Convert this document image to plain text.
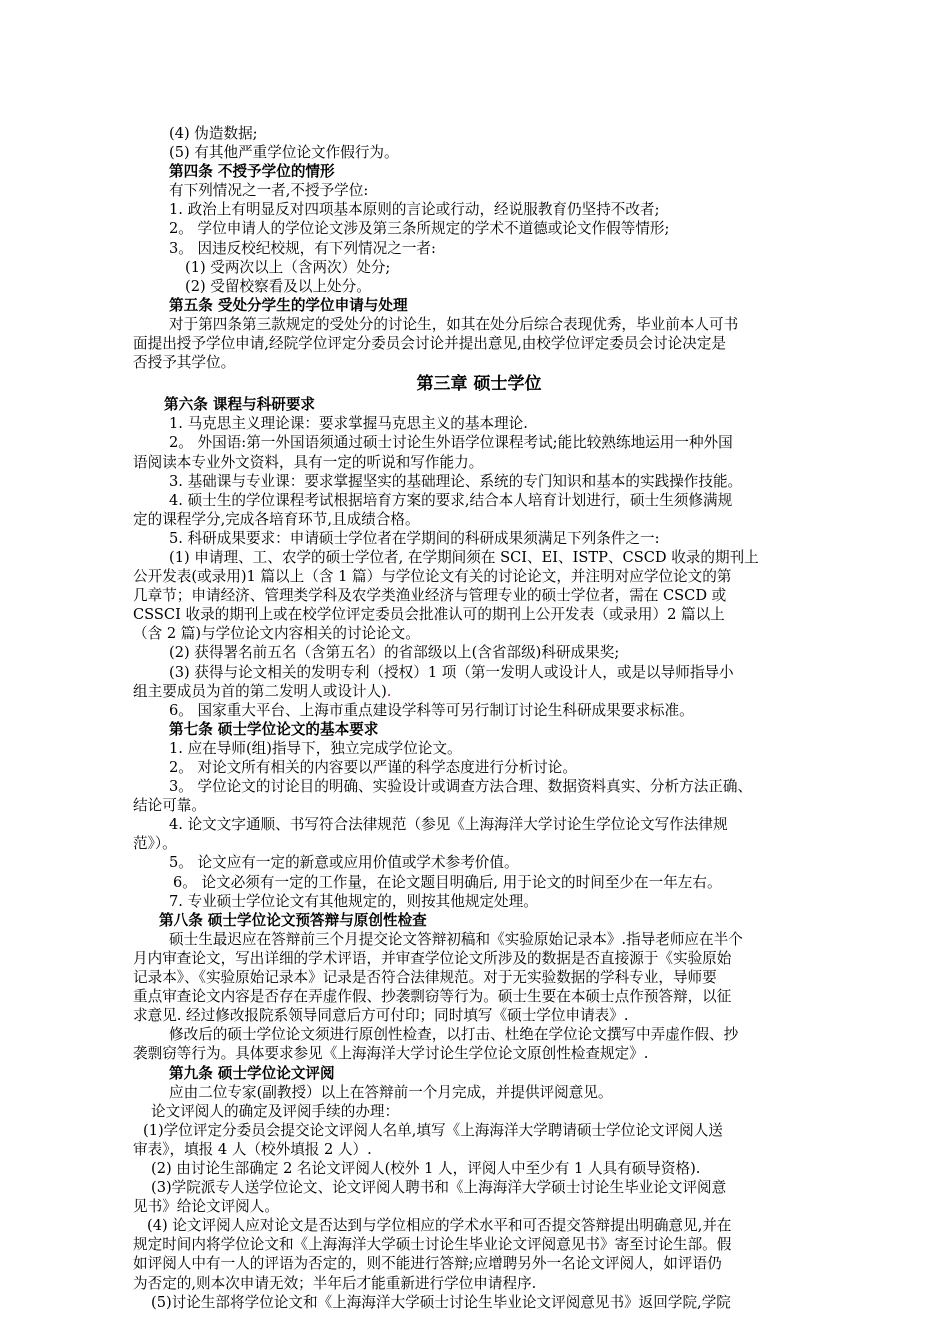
(4) 伪造数据;
(5) 有其他严重学位论文作假行为。
第四条 不授予学位的情形
有下列情况之一者,不授予学位:
1. 政治上有明显反对四项基本原则的言论或行动，经说服教育仍坚持不改者;
2。 学位申请人的学位论文涉及第三条所规定的学术不道德或论文作假等情形;
3。 因违反校纪校规，有下列情况之一者:
(1) 受两次以上（含两次）处分;
(2) 受留校察看及以上处分。
第五条 受处分学生的学位申请与处理
对于第四条第三款规定的受处分的讨论生，如其在处分后综合表现优秀，毕业前本人可书
面提出授予学位申请,经院学位评定分委员会讨论并提出意见,由校学位评定委员会讨论决定是
否授予其学位。
第三章 硕士学位
第六条 课程与科研要求
1. 马克思主义理论课：要求掌握马克思主义的基本理论.
2。 外国语:第一外国语须通过硕士讨论生外语学位课程考试;能比较熟练地运用一种外国
语阅读本专业外文资料，具有一定的听说和写作能力。
3. 基础课与专业课：要求掌握坚实的基础理论、系统的专门知识和基本的实践操作技能。
4. 硕士生的学位课程考试根据培育方案的要求,结合本人培育计划进行，硕士生须修满规
定的课程学分,完成各培育环节,且成绩合格。
5. 科研成果要求：申请硕士学位者在学期间的科研成果须满足下列条件之一:
(1) 申请理、工、农学的硕士学位者, 在学期间须在 SCI、EI、ISTP、CSCD 收录的期刊上
公开发表(或录用)1 篇以上（含 1 篇）与学位论文有关的讨论论文，并注明对应学位论文的第
几章节；申请经济、管理类学科及农学类渔业经济与管理专业的硕士学位者，需在 CSCD 或
CSSCI 收录的期刊上或在校学位评定委员会批准认可的期刊上公开发表（或录用）2 篇以上
（含 2 篇)与学位论文内容相关的讨论论文。
(2) 获得署名前五名（含第五名）的省部级以上(含省部级)科研成果奖;
(3) 获得与论文相关的发明专利（授权）1 项（第一发明人或设计人，或是以导师指导小
组主要成员为首的第二发明人或设计人).
6。 国家重大平台、上海市重点建设学科等可另行制订讨论生科研成果要求标准。
第七条 硕士学位论文的基本要求
1. 应在导师(组)指导下，独立完成学位论文。
2。 对论文所有相关的内容要以严谨的科学态度进行分析讨论。
3。 学位论文的讨论目的明确、实验设计或调查方法合理、数据资料真实、分析方法正确、
结论可靠。
4. 论文文字通顺、书写符合法律规范（参见《上海海洋大学讨论生学位论文写作法律规
范》）。
5。 论文应有一定的新意或应用价值或学术参考价值。
6。 论文必须有一定的工作量，在论文题目明确后, 用于论文的时间至少在一年左右。
7. 专业硕士学位论文有其他规定的，则按其他规定处理。
第八条 硕士学位论文预答辩与原创性检查
硕士生最迟应在答辩前三个月提交论文答辩初稿和《实验原始记录本》.指导老师应在半个
月内审查论文，写出详细的学术评语，并审查学位论文所涉及的数据是否直接源于《实验原始
记录本》、《实验原始记录本》记录是否符合法律规范。对于无实验数据的学科专业，导师要
重点审查论文内容是否存在弄虚作假、抄袭剽窃等行为。硕士生要在本硕士点作预答辩，以征
求意见. 经过修改报院系领导同意后方可付印；同时填写《硕士学位申请表》.
修改后的硕士学位论文须进行原创性检查，以打击、杜绝在学位论文撰写中弄虚作假、抄
袭剽窃等行为。具体要求参见《上海海洋大学讨论生学位论文原创性检查规定》.
第九条 硕士学位论文评阅
应由二位专家(副教授）以上在答辩前一个月完成，并提供评阅意见。
论文评阅人的确定及评阅手续的办理：
(1)学位评定分委员会提交论文评阅人名单,填写《上海海洋大学聘请硕士学位论文评阅人送
审表》，填报 4 人（校外填报 2 人）.
(2) 由讨论生部确定 2 名论文评阅人(校外 1 人，评阅人中至少有 1 人具有硕导资格).
(3)学院派专人送学位论文、论文评阅人聘书和《上海海洋大学硕士讨论生毕业论文评阅意
见书》给论文评阅人。
(4) 论文评阅人应对论文是否达到与学位相应的学术水平和可否提交答辩提出明确意见,并在
规定时间内将学位论文和《上海海洋大学硕士讨论生毕业论文评阅意见书》寄至讨论生部。假
如评阅人中有一人的评语为否定的，则不能进行答辩;应增聘另外一名论文评阅人，如评语仍
为否定的,则本次申请无效；半年后才能重新进行学位申请程序.
(5)讨论生部将学位论文和《上海海洋大学硕士讨论生毕业论文评阅意见书》返回学院,学院
